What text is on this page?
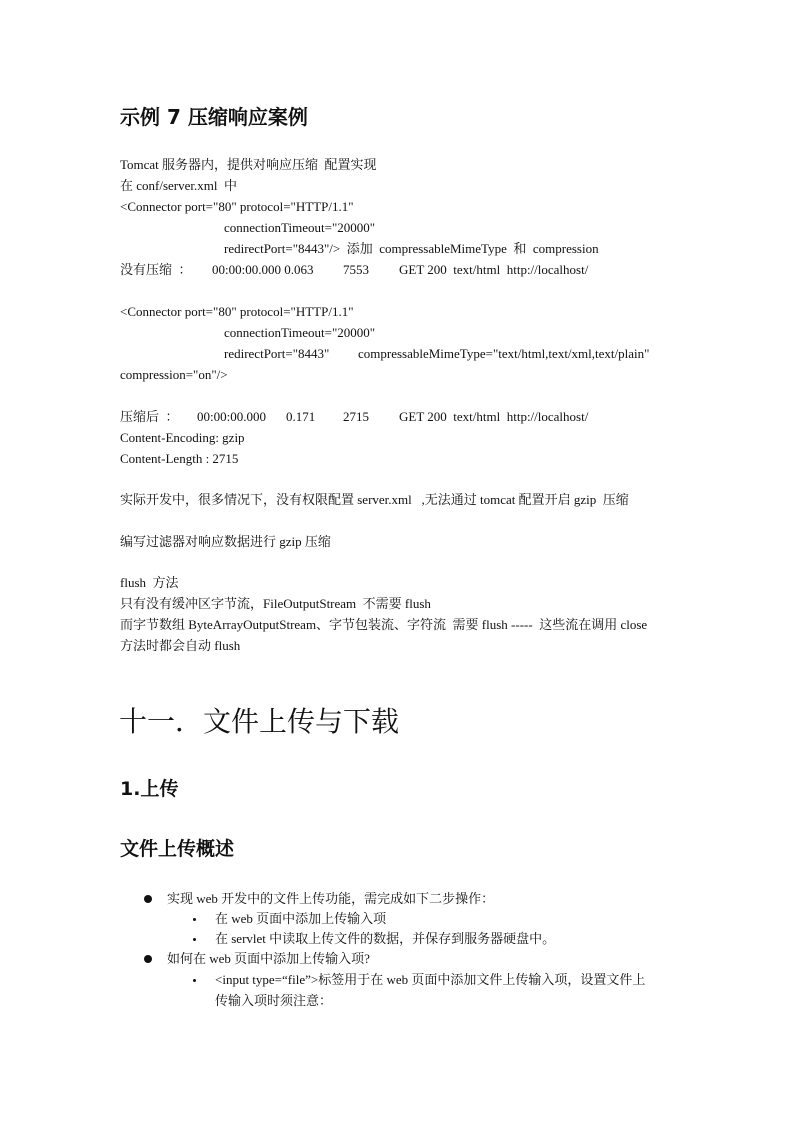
示例 7 压缩响应案例
Tomcat 服务器内，提供对响应压缩  配置实现
在 conf/server.xml  中
<Connector port="80" protocol="HTTP/1.1"
connectionTimeout="20000"
redirectPort="8443"/>  添加  compressableMimeType  和  compression
没有压缩  ： 00:00:00.000 0.063 7553 GET 200  text/html  http://localhost/
<Connector port="80" protocol="HTTP/1.1"
connectionTimeout="20000"
redirectPort="8443" compressableMimeType="text/html,text/xml,text/plain"
compression="on"/>
压缩后  ： 00:00:00.000 0.171 2715 GET 200  text/html  http://localhost/
Content-Encoding: gzip
Content-Length : 2715
实际开发中，很多情况下，没有权限配置 server.xml   ,无法通过 tomcat 配置开启 gzip  压缩
编写过滤器对响应数据进行 gzip 压缩
flush  方法
只有没有缓冲区字节流，FileOutputStream  不需要 flush
而字节数组 ByteArrayOutputStream、字节包装流、字符流  需要 flush -----  这些流在调用 close
方法时都会自动 flush
十一．文件上传与下载
1.上传
文件上传概述
实现 web 开发中的文件上传功能，需完成如下二步操作：
在 web 页面中添加上传输入项
在 servlet 中读取上传文件的数据，并保存到服务器硬盘中。
如何在 web 页面中添加上传输入项?
<input type=“file”>标签用于在 web 页面中添加文件上传输入项，设置文件上
传输入项时须注意：
